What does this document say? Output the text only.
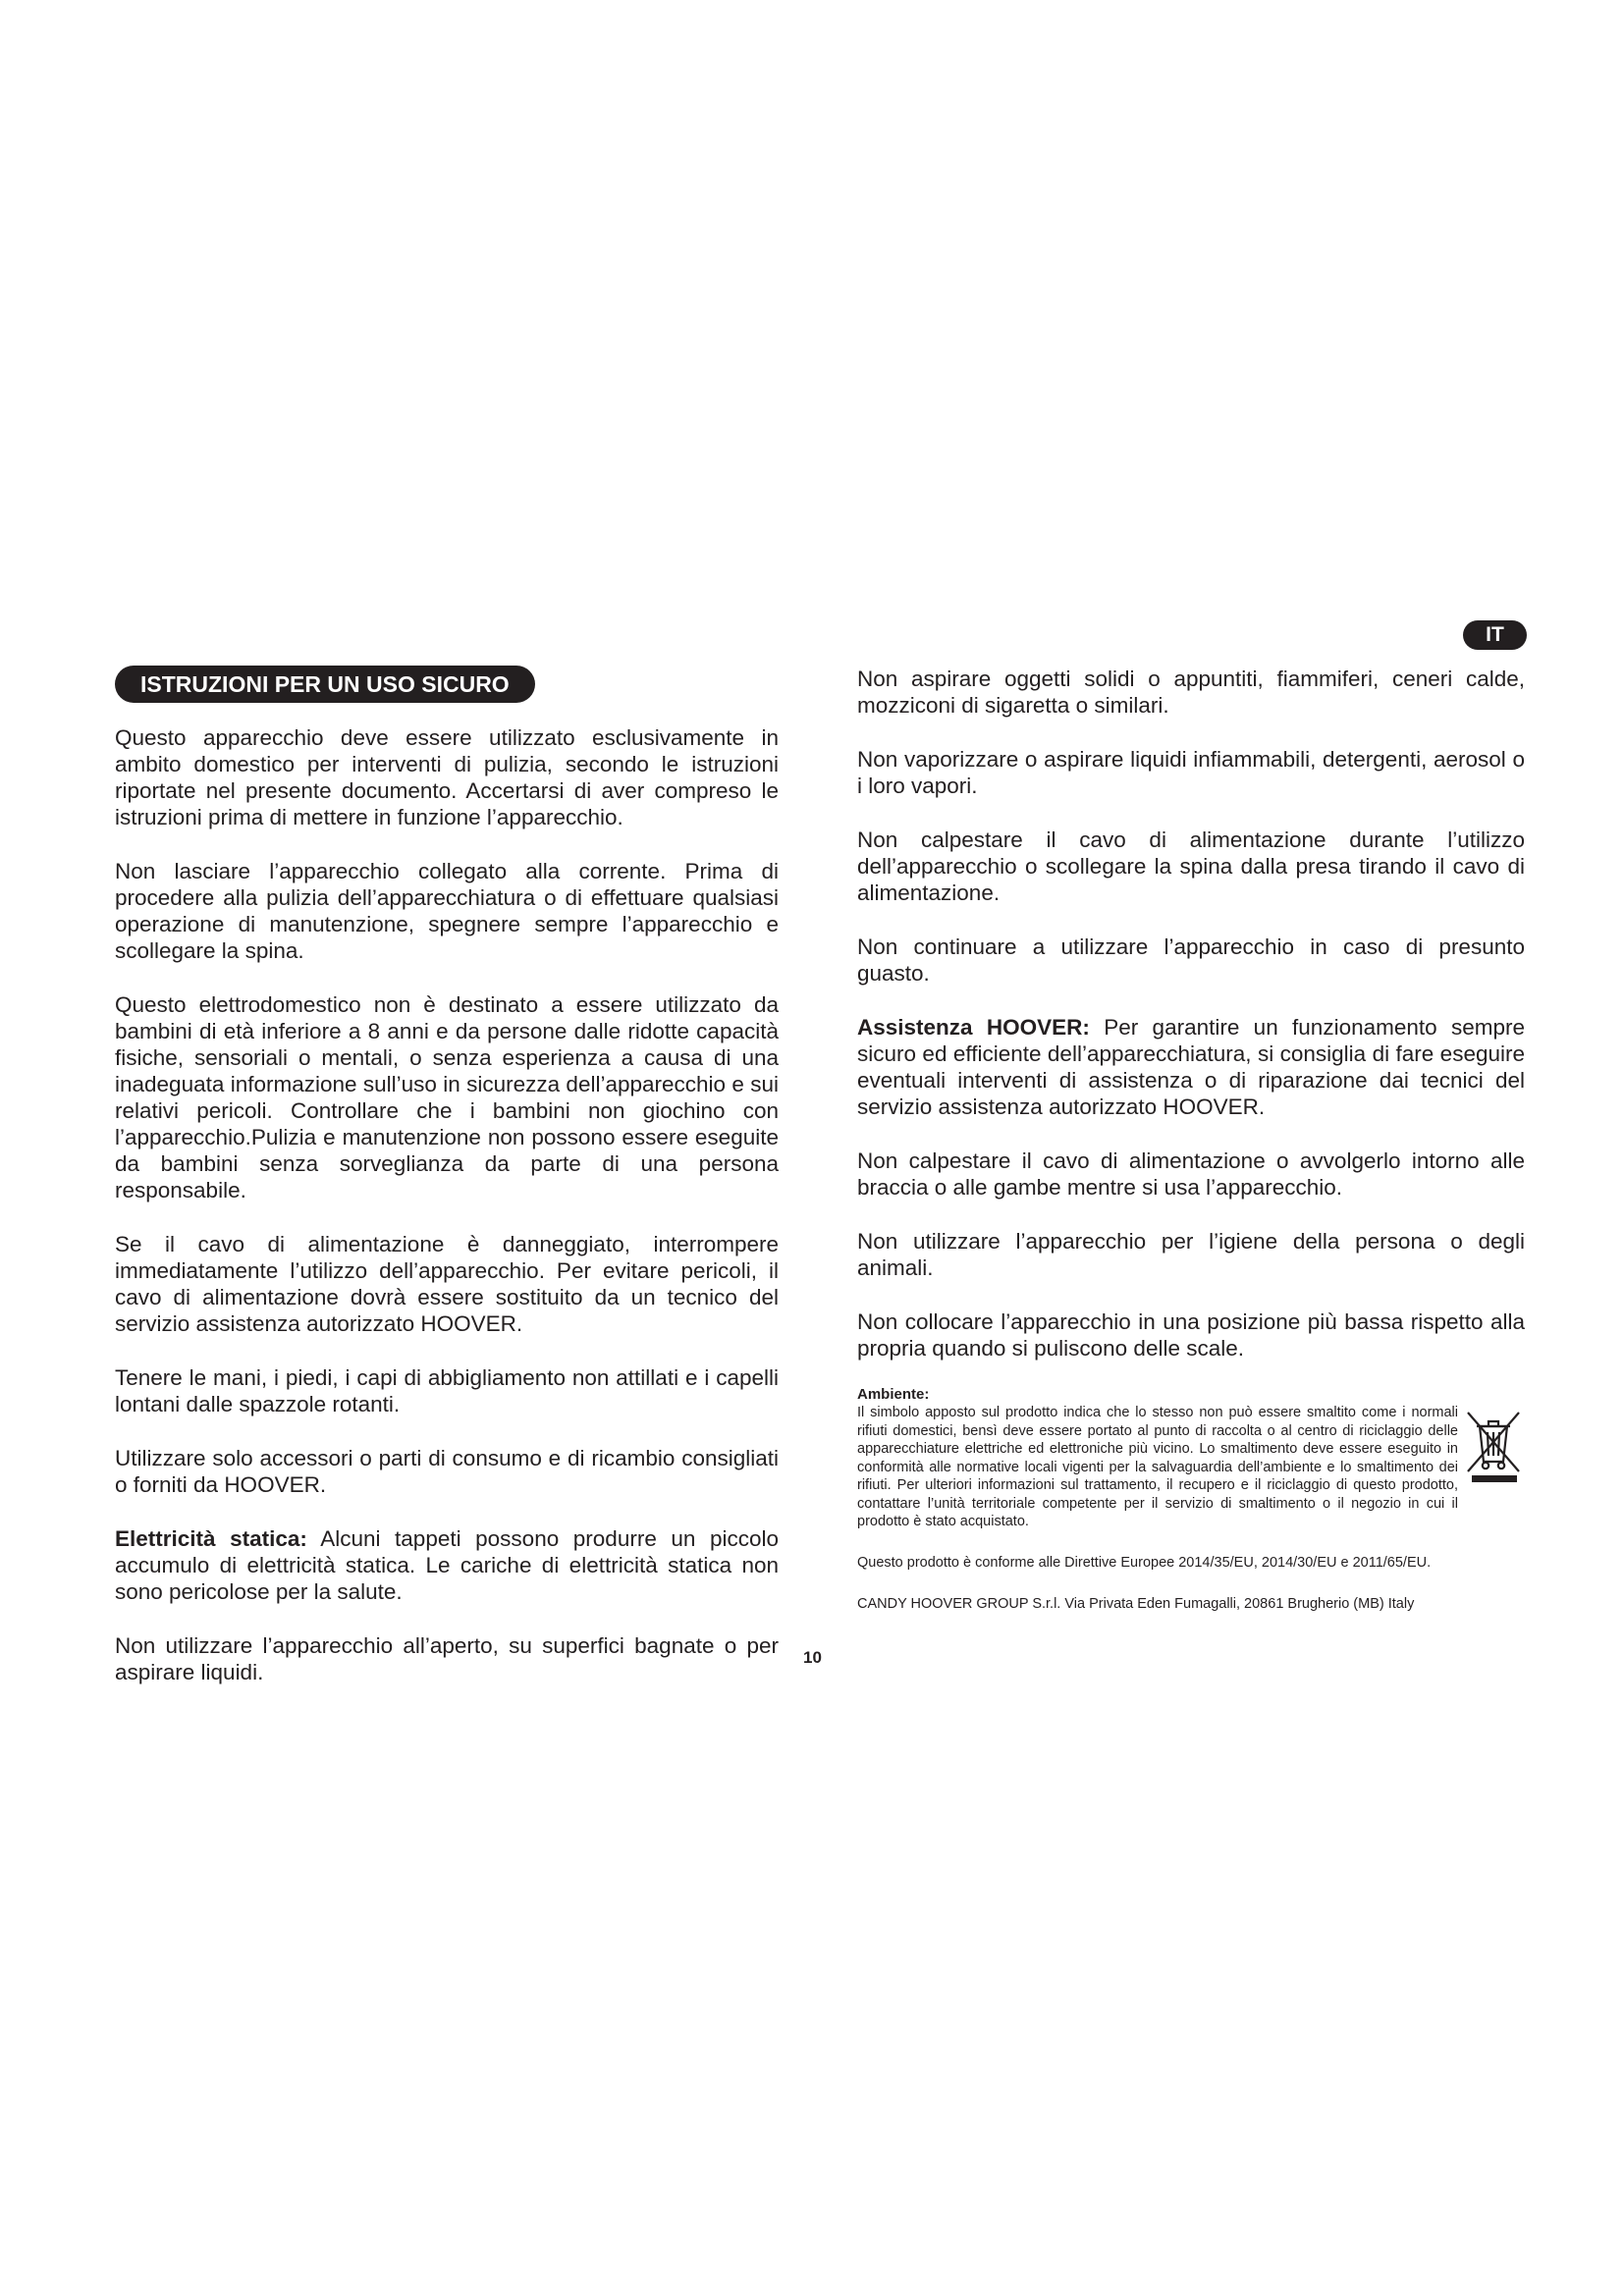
IT
ISTRUZIONI PER UN USO SICURO

Questo apparecchio deve essere utilizzato esclusivamente in ambito domestico per interventi di pulizia, secondo le istruzioni riportate nel presente documento. Accertarsi di aver compreso le istruzioni prima di mettere in funzione l’apparecchio.

Non lasciare l’apparecchio collegato alla corrente. Prima di procedere alla pulizia dell’apparecchiatura o di effettuare qualsiasi operazione di manutenzione, spegnere sempre l’apparecchio e scollegare la spina.

Questo elettrodomestico non è destinato a essere utilizzato da bambini di età inferiore a 8 anni e da persone dalle ridotte capacità fisiche, sensoriali o mentali, o senza esperienza a causa di una inadeguata informazione sull’uso in sicurezza dell’apparecchio e sui relativi pericoli. Controllare che i bambini non giochino con l’apparecchio.Pulizia e manutenzione non possono essere eseguite da bambini senza sorveglianza da parte di una persona responsabile.

Se il cavo di alimentazione è danneggiato, interrompere immediatamente l’utilizzo dell’apparecchio. Per evitare pericoli, il cavo di alimentazione dovrà essere sostituito da un tecnico del servizio assistenza autorizzato HOOVER.

Tenere le mani, i piedi, i capi di abbigliamento non attillati e i capelli lontani dalle spazzole rotanti.

Utilizzare solo accessori o parti di consumo e di ricambio consigliati o forniti da HOOVER.

Elettricità statica: Alcuni tappeti possono produrre un piccolo accumulo di elettricità statica. Le cariche di elettricità statica non sono pericolose per la salute.

Non utilizzare l’apparecchio all’aperto, su superfici bagnate o per aspirare liquidi.

Non aspirare oggetti solidi o appuntiti, fiammiferi, ceneri calde, mozziconi di sigaretta o similari.

Non vaporizzare o aspirare liquidi infiammabili, detergenti, aerosol o i loro vapori.

Non calpestare il cavo di alimentazione durante l’utilizzo dell’apparecchio o scollegare la spina dalla presa tirando il cavo di alimentazione.

Non continuare a utilizzare l’apparecchio in caso di presunto guasto.

Assistenza HOOVER: Per garantire un funzionamento sempre sicuro ed efficiente dell’apparecchiatura, si consiglia di fare eseguire eventuali interventi di assistenza o di riparazione dai tecnici del servizio assistenza autorizzato HOOVER.

Non calpestare il cavo di alimentazione o avvolgerlo intorno alle braccia o alle gambe mentre si usa l’apparecchio.

Non utilizzare l’apparecchio per l’igiene della persona o degli animali.

Non collocare l’apparecchio in una posizione più bassa rispetto alla propria quando si puliscono delle scale.

Ambiente:
Il simbolo apposto sul prodotto indica che lo stesso non può essere smaltito come i normali rifiuti domestici, bensì deve essere portato al punto di raccolta o al centro di riciclaggio delle apparecchiature elettriche ed elettroniche più vicino. Lo smaltimento deve essere eseguito in conformità alle normative locali vigenti per la salvaguardia dell’ambiente e lo smaltimento dei rifiuti. Per ulteriori informazioni sul trattamento, il recupero e il riciclaggio di questo prodotto, contattare l’unità territoriale competente per il servizio di smaltimento o il negozio in cui il prodotto è stato acquistato.
Questo prodotto è conforme alle Direttive Europee 2014/35/EU, 2014/30/EU e 2011/65/EU.
CANDY HOOVER GROUP S.r.l. Via Privata Eden Fumagalli, 20861 Brugherio (MB) Italy
10
